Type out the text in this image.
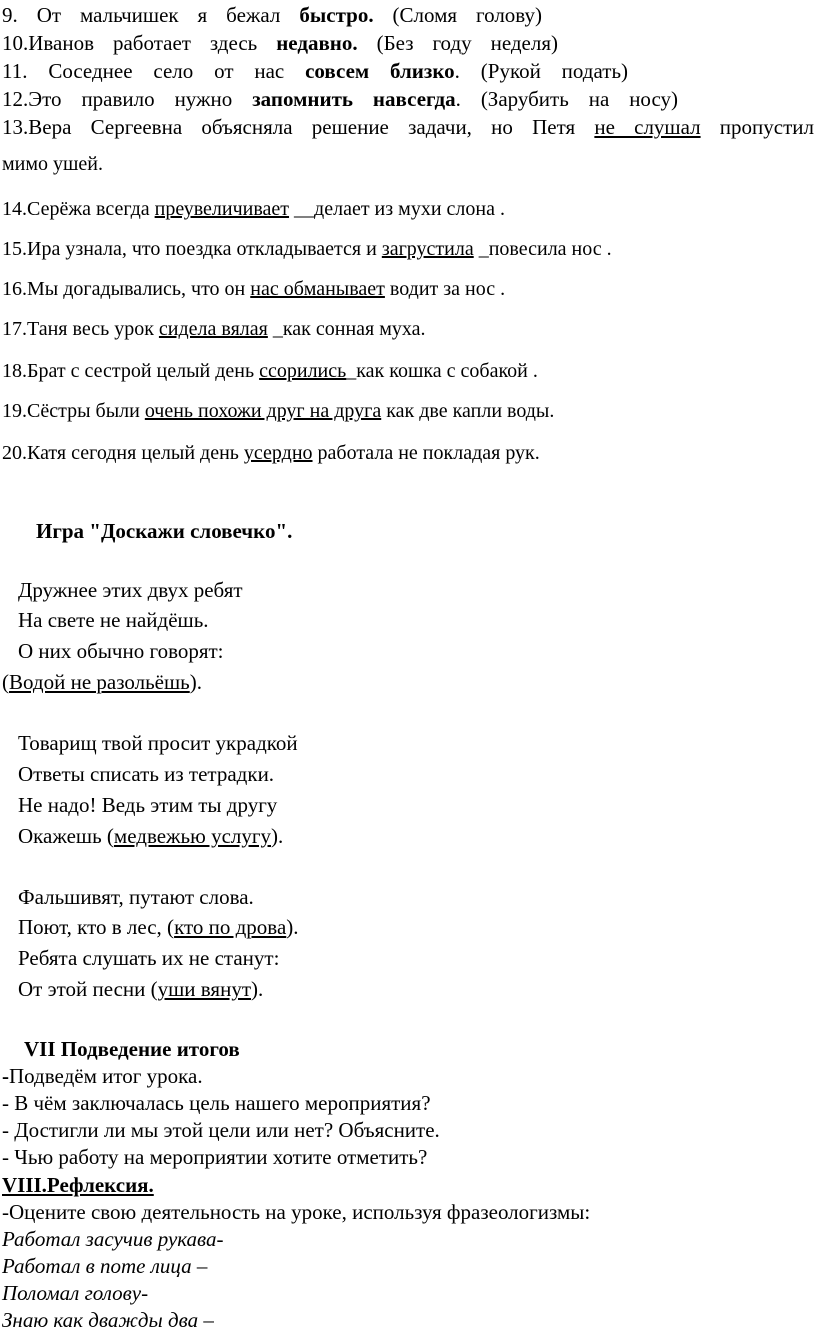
9. От мальчишек я бежал быстро. (Сломя голову)
10.Иванов работает здесь недавно. (Без году неделя)
11. Соседнее село от нас совсем близко. (Рукой подать)
12.Это правило нужно запомнить навсегда. (Зарубить на носу)
13.Вера Сергеевна объясняла решение задачи, но Петя не слушал пропустил
мимо ушей.
14.Серёжа всегда преувеличивает __делает из мухи слона .
15.Ира узнала, что поездка откладывается и загрустила _повесила нос .
16.Мы догадывались, что он нас обманывает водит за нос .
17.Таня весь урок сидела вялая _как сонная муха.
18.Брат с сестрой целый день ссорились_как кошка с собакой .
19.Сёстры были очень похожи друг на друга как две капли воды.
20.Катя сегодня целый день усердно работала не покладая рук.
Игра "Доскажи словечко".
Дружнее этих двух ребят
На свете не найдёшь.
О них обычно говорят:
(Водой не разольёшь).
Товарищ твой просит украдкой
Ответы списать из тетрадки.
Не надо! Ведь этим ты другу
Окажешь (медвежью услугу).
Фальшивят, путают слова.
Поют, кто в лес, (кто по дрова).
Ребята слушать их не станут:
От этой песни (уши вянут).
VII Подведение итогов
-Подведём итог урока.
- В чём заключалась цель нашего мероприятия?
- Достигли ли мы этой цели или нет? Объясните.
- Чью работу на мероприятии хотите отметить?
VIII.Рефлексия.
-Оцените свою деятельность на уроке, используя фразеологизмы:
Работал засучив рукава-
Работал в поте лица –
Поломал голову-
Знаю как дважды два –
